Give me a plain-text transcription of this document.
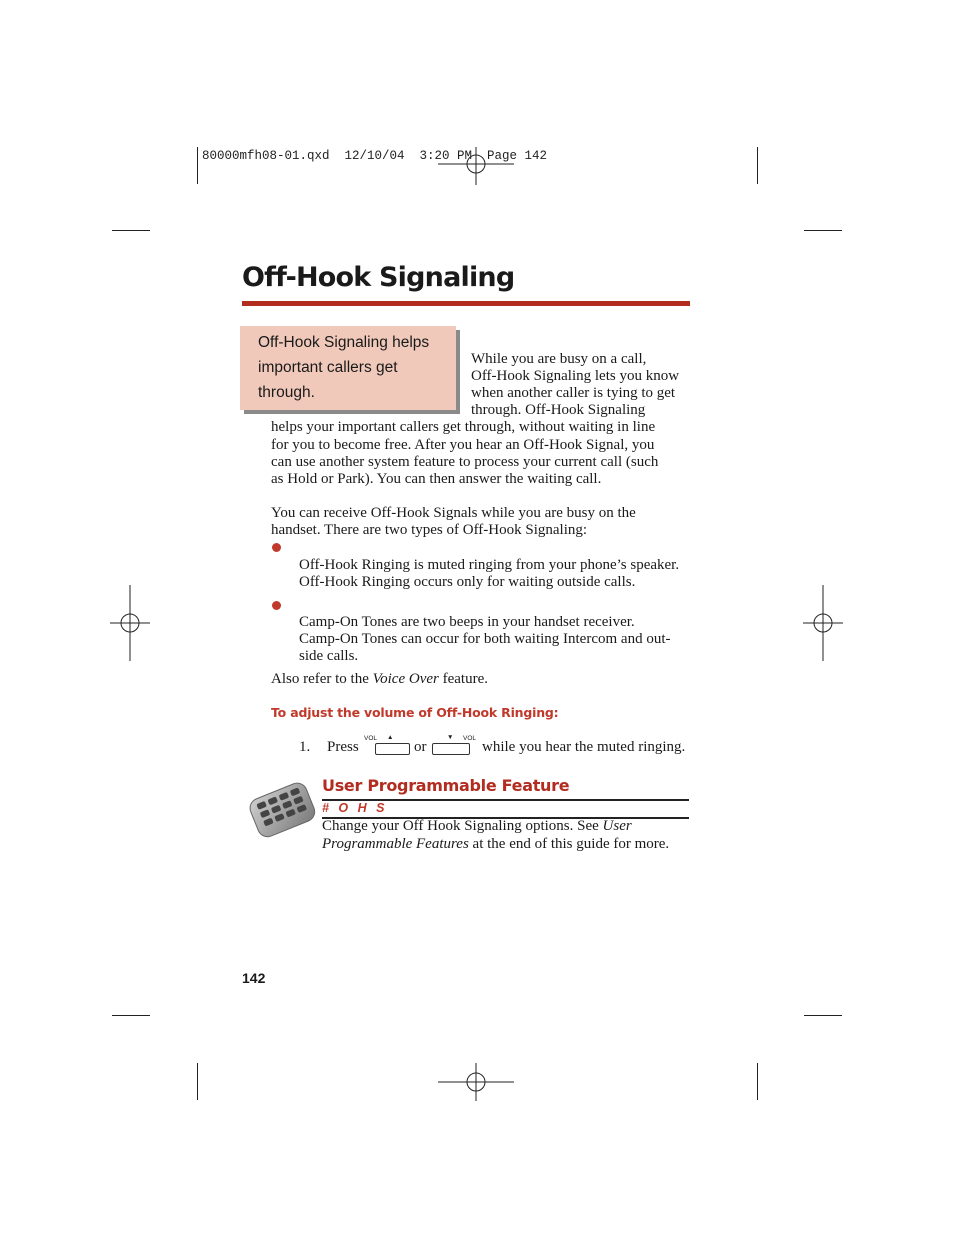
80000mfh08-01.qxd  12/10/04  3:20 PM  Page 142
Off-Hook Signaling
Off-Hook Signaling helps important callers get through.
While you are busy on a call,
Off-Hook Signaling lets you know
when another caller is tying to get
through. Off-Hook Signaling
helps your important callers get through, without waiting in line
for you to become free. After you hear an Off-Hook Signal, you
can use another system feature to process your current call (such
as Hold or Park). You can then answer the waiting call.
You can receive Off-Hook Signals while you are busy on the
handset. There are two types of Off-Hook Signaling:
Off-Hook Ringing is muted ringing from your phone’s speaker.
Off-Hook Ringing occurs only for waiting outside calls.
Camp-On Tones are two beeps in your handset receiver.
Camp-On Tones can occur for both waiting Intercom and out-
side calls.
Also refer to the Voice Over feature.
To adjust the volume of Off-Hook Ringing:
1. Press
VOL ▲
or
▼ VOL
while you hear the muted ringing.
User Programmable Feature
# O H S
Change your Off Hook Signaling options. See User
Programmable Features at the end of this guide for more.
142
